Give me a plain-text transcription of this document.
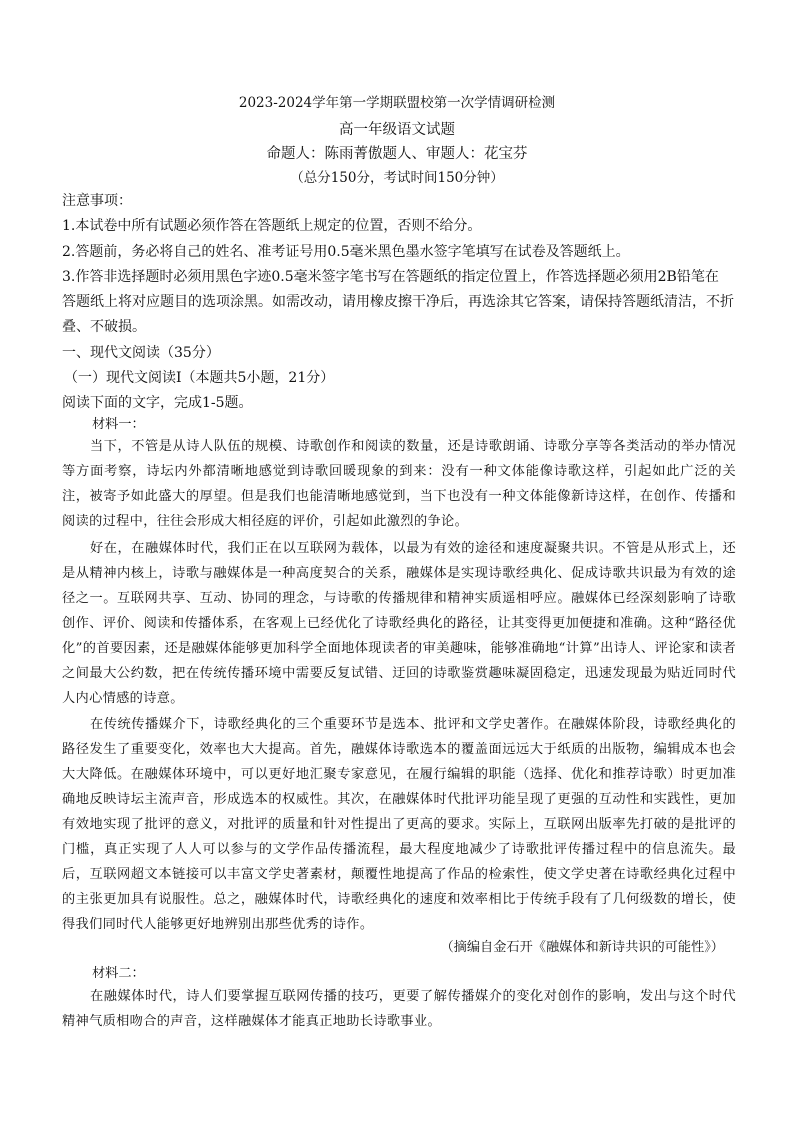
2023-2024学年第一学期联盟校第一次学情调研检测
高一年级语文试题
命题人：陈雨菁傲题人、审题人：花宝芬
（总分150分，考试时间150分钟）
注意事项：
1.本试卷中所有试题必须作答在答题纸上规定的位置，否则不给分。
2.答题前，务必将自己的姓名、准考证号用0.5毫米黑色墨水签字笔填写在试卷及答题纸上。
3.作答非选择题时必须用黑色字迹0.5毫米签字笔书写在答题纸的指定位置上，作答选择题必须用2B铅笔在
答题纸上将对应题目的选项涂黑。如需改动，请用橡皮擦干净后，再选涂其它答案，请保持答题纸清洁，不折
叠、不破损。
一、现代文阅读（35分）
（一）现代文阅读Ⅰ（本题共5小题，21分）
阅读下面的文字，完成1-5题。
材料一：
当下，不管是从诗人队伍的规模、诗歌创作和阅读的数量，还是诗歌朗诵、诗歌分享等各类活动的举办情况等方面考察，诗坛内外都清晰地感觉到诗歌回暖现象的到来：没有一种文体能像诗歌这样，引起如此广泛的关注，被寄予如此盛大的厚望。但是我们也能清晰地感觉到，当下也没有一种文体能像新诗这样，在创作、传播和阅读的过程中，往往会形成大相径庭的评价，引起如此激烈的争论。
好在，在融媒体时代，我们正在以互联网为载体，以最为有效的途径和速度凝聚共识。不管是从形式上，还是从精神内核上，诗歌与融媒体是一种高度契合的关系，融媒体是实现诗歌经典化、促成诗歌共识最为有效的途径之一。互联网共享、互动、协同的理念，与诗歌的传播规律和精神实质遥相呼应。融媒体已经深刻影响了诗歌创作、评价、阅读和传播体系，在客观上已经优化了诗歌经典化的路径，让其变得更加便捷和准确。这种“路径优化”的首要因素，还是融媒体能够更加科学全面地体现读者的审美趣味，能够准确地“计算”出诗人、评论家和读者之间最大公约数，把在传统传播环境中需要反复试错、迂回的诗歌鉴赏趣味凝固稳定，迅速发现最为贴近同时代人内心情感的诗意。
在传统传播媒介下，诗歌经典化的三个重要环节是选本、批评和文学史著作。在融媒体阶段，诗歌经典化的路径发生了重要变化，效率也大大提高。首先，融媒体诗歌选本的覆盖面远远大于纸质的出版物，编辑成本也会大大降低。在融媒体环境中，可以更好地汇聚专家意见，在履行编辑的职能（选择、优化和推荐诗歌）时更加准确地反映诗坛主流声音，形成选本的权威性。其次，在融媒体时代批评功能呈现了更强的互动性和实践性，更加有效地实现了批评的意义，对批评的质量和针对性提出了更高的要求。实际上，互联网出版率先打破的是批评的门槛，真正实现了人人可以参与的文学作品传播流程，最大程度地减少了诗歌批评传播过程中的信息流失。最后，互联网超文本链接可以丰富文学史著素材，颠覆性地提高了作品的检索性，使文学史著在诗歌经典化过程中的主张更加具有说服性。总之，融媒体时代，诗歌经典化的速度和效率相比于传统手段有了几何级数的增长，使得我们同时代人能够更好地辨别出那些优秀的诗作。
（摘编自金石开《融媒体和新诗共识的可能性》）
材料二：
在融媒体时代，诗人们要掌握互联网传播的技巧，更要了解传播媒介的变化对创作的影响，发出与这个时代精神气质相吻合的声音，这样融媒体才能真正地助长诗歌事业。
